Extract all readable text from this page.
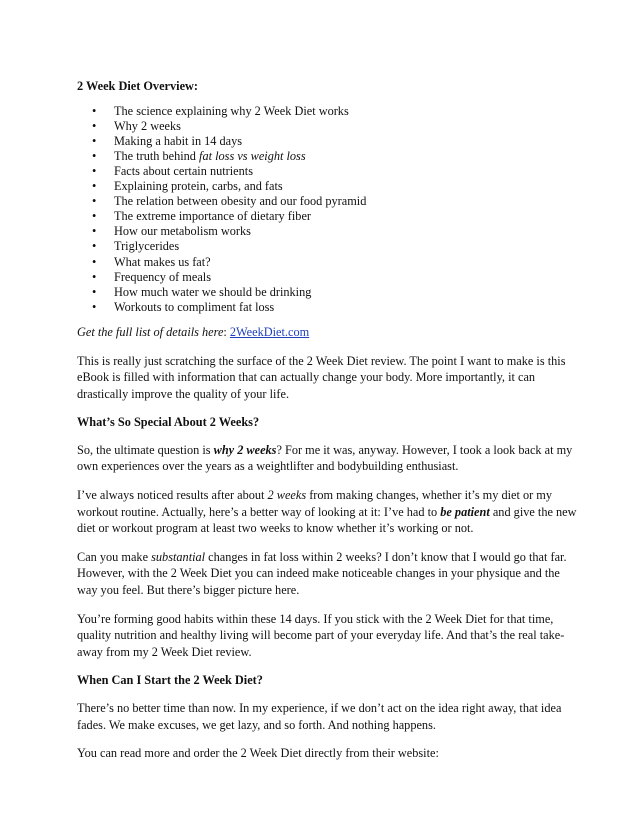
2 Week Diet Overview:
• The science explaining why 2 Week Diet works
• Why 2 weeks
• Making a habit in 14 days
• The truth behind fat loss vs weight loss
• Facts about certain nutrients
• Explaining protein, carbs, and fats
• The relation between obesity and our food pyramid
• The extreme importance of dietary fiber
• How our metabolism works
• Triglycerides
• What makes us fat?
• Frequency of meals
• How much water we should be drinking
• Workouts to compliment fat loss

Get the full list of details here: 2WeekDiet.com

This is really just scratching the surface of the 2 Week Diet review. The point I want to make is this eBook is filled with information that can actually change your body. More importantly, it can drastically improve the quality of your life.

What’s So Special About 2 Weeks?

So, the ultimate question is why 2 weeks? For me it was, anyway. However, I took a look back at my own experiences over the years as a weightlifter and bodybuilding enthusiast.

I’ve always noticed results after about 2 weeks from making changes, whether it’s my diet or my workout routine. Actually, here’s a better way of looking at it: I’ve had to be patient and give the new diet or workout program at least two weeks to know whether it’s working or not.

Can you make substantial changes in fat loss within 2 weeks? I don’t know that I would go that far. However, with the 2 Week Diet you can indeed make noticeable changes in your physique and the way you feel. But there’s bigger picture here.

You’re forming good habits within these 14 days. If you stick with the 2 Week Diet for that time, quality nutrition and healthy living will become part of your everyday life. And that’s the real take-away from my 2 Week Diet review.

When Can I Start the 2 Week Diet?

There’s no better time than now. In my experience, if we don’t act on the idea right away, that idea fades. We make excuses, we get lazy, and so forth. And nothing happens.

You can read more and order the 2 Week Diet directly from their website:
